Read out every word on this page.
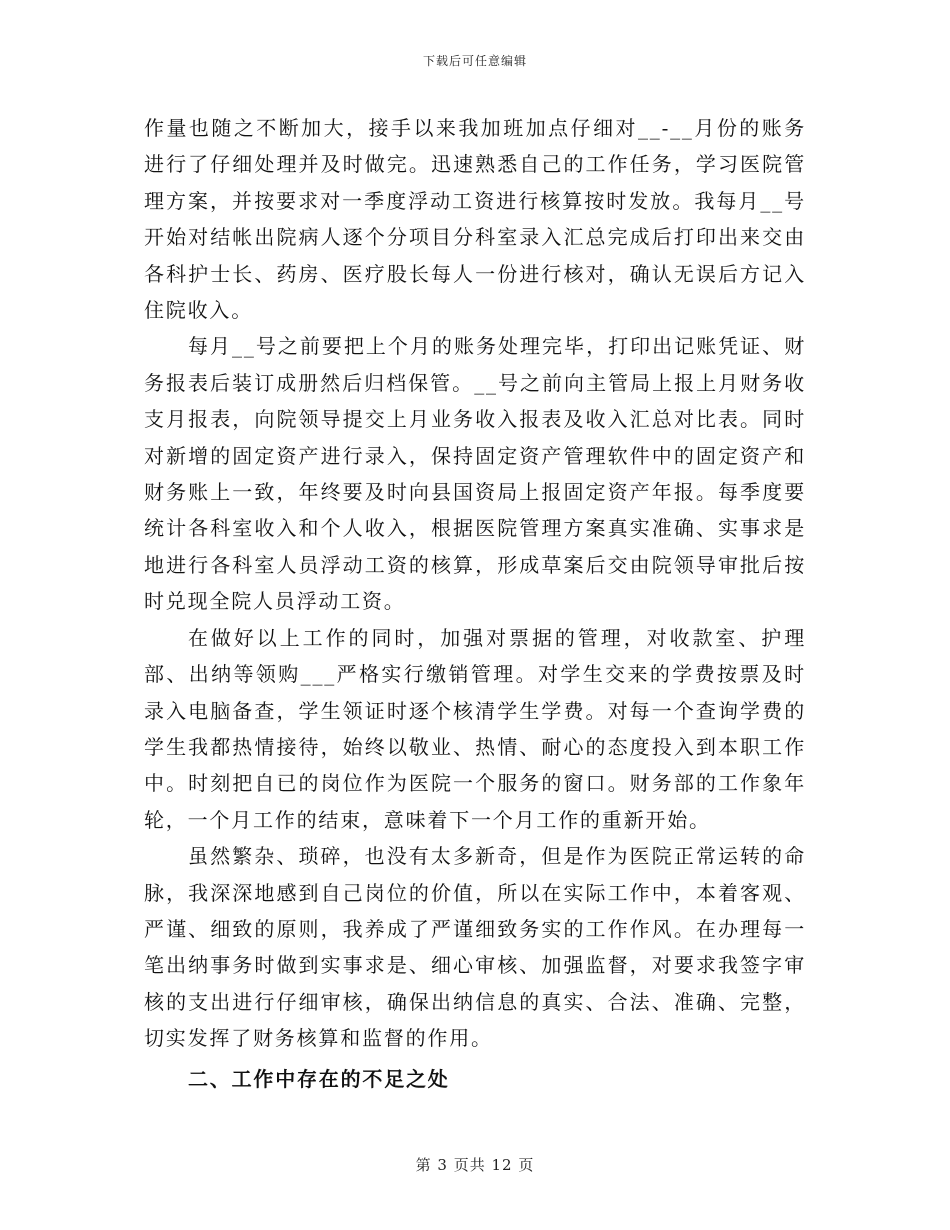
下载后可任意编辑

作量也随之不断加大，接手以来我加班加点仔细对__-__月份的账务进行了仔细处理并及时做完。迅速熟悉自己的工作任务，学习医院管理方案，并按要求对一季度浮动工资进行核算按时发放。我每月__号开始对结帐出院病人逐个分项目分科室录入汇总完成后打印出来交由各科护士长、药房、医疗股长每人一份进行核对，确认无误后方记入住院收入。

每月__号之前要把上个月的账务处理完毕，打印出记账凭证、财务报表后装订成册然后归档保管。__号之前向主管局上报上月财务收支月报表，向院领导提交上月业务收入报表及收入汇总对比表。同时对新增的固定资产进行录入，保持固定资产管理软件中的固定资产和财务账上一致，年终要及时向县国资局上报固定资产年报。每季度要统计各科室收入和个人收入，根据医院管理方案真实准确、实事求是地进行各科室人员浮动工资的核算，形成草案后交由院领导审批后按时兑现全院人员浮动工资。

在做好以上工作的同时，加强对票据的管理，对收款室、护理部、出纳等领购___严格实行缴销管理。对学生交来的学费按票及时录入电脑备查，学生领证时逐个核清学生学费。对每一个查询学费的学生我都热情接待，始终以敬业、热情、耐心的态度投入到本职工作中。时刻把自已的岗位作为医院一个服务的窗口。财务部的工作象年轮，一个月工作的结束，意味着下一个月工作的重新开始。

虽然繁杂、琐碎，也没有太多新奇，但是作为医院正常运转的命脉，我深深地感到自己岗位的价值，所以在实际工作中，本着客观、严谨、细致的原则，我养成了严谨细致务实的工作作风。在办理每一笔出纳事务时做到实事求是、细心审核、加强监督，对要求我签字审核的支出进行仔细审核，确保出纳信息的真实、合法、准确、完整，切实发挥了财务核算和监督的作用。

二、工作中存在的不足之处

第 3 页共 12 页
